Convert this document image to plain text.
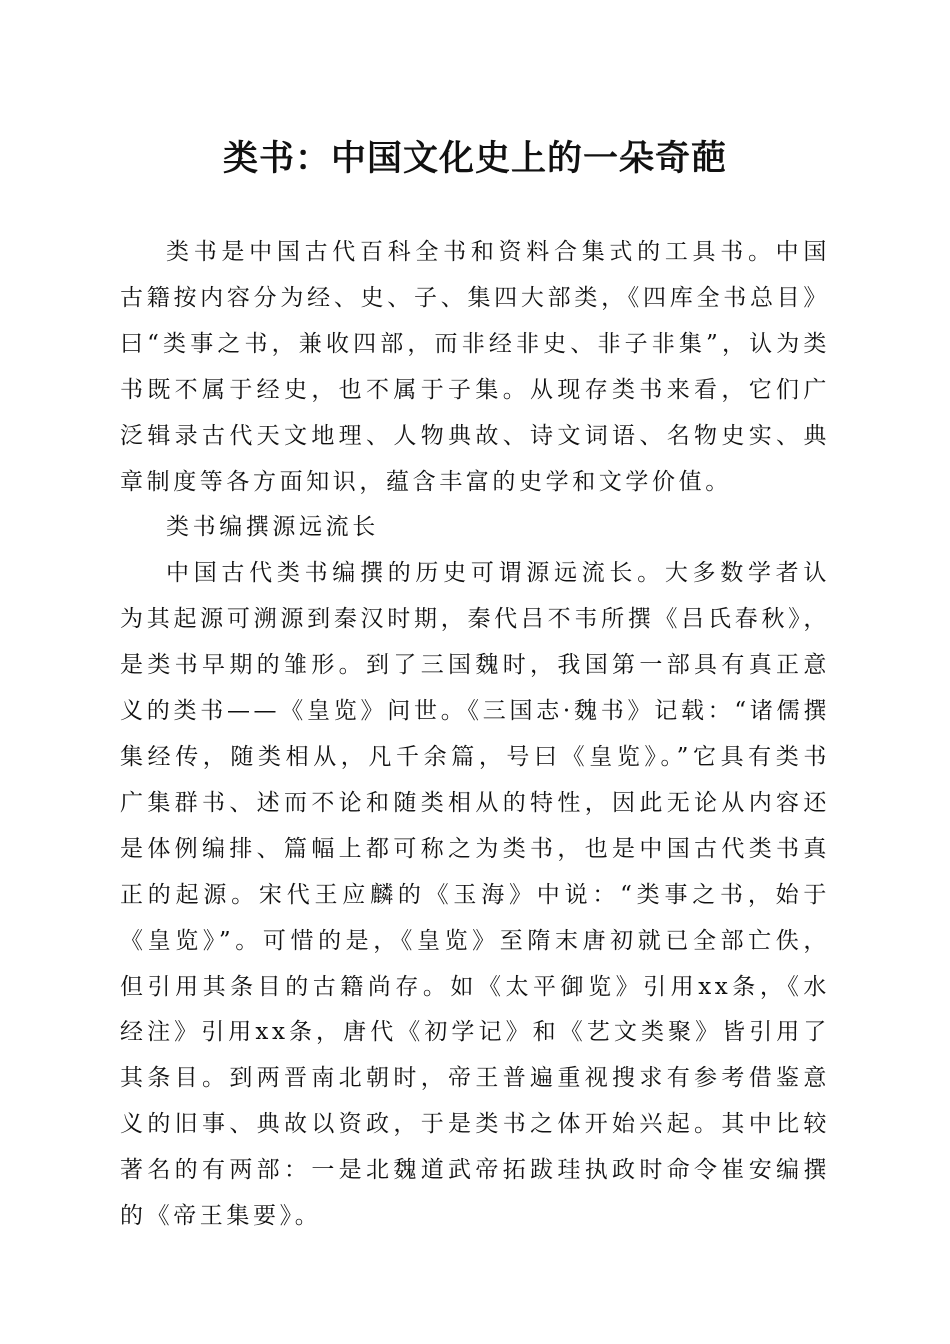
类书：中国文化史上的一朵奇葩

类书是中国古代百科全书和资料合集式的工具书。中国古籍按内容分为经、史、子、集四大部类，《四库全书总目》曰“类事之书，兼收四部，而非经非史、非子非集”，认为类书既不属于经史，也不属于子集。从现存类书来看，它们广泛辑录古代天文地理、人物典故、诗文词语、名物史实、典章制度等各方面知识，蕴含丰富的史学和文学价值。

类书编撰源远流长

中国古代类书编撰的历史可谓源远流长。大多数学者认为其起源可溯源到秦汉时期，秦代吕不韦所撰《吕氏春秋》，是类书早期的雏形。到了三国魏时，我国第一部具有真正意义的类书——《皇览》问世。《三国志·魏书》记载：“诸儒撰集经传，随类相从，凡千余篇，号曰《皇览》。”它具有类书广集群书、述而不论和随类相从的特性，因此无论从内容还是体例编排、篇幅上都可称之为类书，也是中国古代类书真正的起源。宋代王应麟的《玉海》中说：“类事之书，始于《皇览》”。可惜的是，《皇览》至隋末唐初就已全部亡佚，但引用其条目的古籍尚存。如《太平御览》引用xx条，《水经注》引用xx条，唐代《初学记》和《艺文类聚》皆引用了其条目。到两晋南北朝时，帝王普遍重视搜求有参考借鉴意义的旧事、典故以资政，于是类书之体开始兴起。其中比较著名的有两部：一是北魏道武帝拓跋珪执政时命令崔安编撰的《帝王集要》。
